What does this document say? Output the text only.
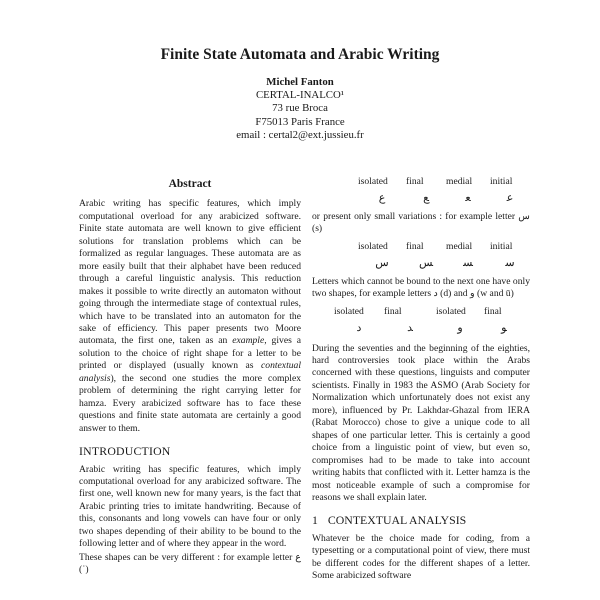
Finite State Automata and Arabic Writing
Michel Fanton
CERTAL-INALCO¹
73 rue Broca
F75013 Paris France
email : certal2@ext.jussieu.fr
Abstract

Arabic writing has specific features, which imply computational overload for any arabicized software. Finite state automata are well known to give efficient solutions for translation problems which can be formalized as regular languages. These automata are as more easily built that their alphabet have been reduced through a careful linguistic analysis. This reduction makes it possible to write directly an automaton without going through the intermediate stage of contextual rules, which have to be translated into an automaton for the sake of efficiency. This paper presents two Moore automata, the first one, taken as an example, gives a solution to the choice of right shape for a letter to be printed or displayed (usually known as contextual analysis), the second one studies the more complex problem of determining the right carrying letter for hamza. Every arabicized software has to face these questions and finite state automata are certainly a good answer to them.

INTRODUCTION

Arabic writing has specific features, which imply computational overload for any arabicized software. The first one, well known new for many years, is the fact that Arabic printing tries to imitate handwriting. Because of this, consonants and long vowels can have four or only two shapes depending of their ability to be bound to the following letter and of where they appear in the word.

These shapes can be very different : for example letter ع (ʿ)

isolated	final	medial	initial
ﻉ	ﻊ	ﻌ	ﻋ

or present only small variations : for example letter س (s)

isolated	final	medial	initial
ﺱ	ﺲ	ﺴ	ﺳ

Letters which cannot be bound to the next one have only two shapes, for example letters د (d) and و (w and ū)

isolated	final	isolated	final
ﺩ	ﺪ	ﻭ	ﻮ

During the seventies and the beginning of the eighties, hard controversies took place within the Arabs concerned with these questions, linguists and computer scientists. Finally in 1983 the ASMO (Arab Society for Normalization which unfortunately does not exist any more), influenced by Pr. Lakhdar-Ghazal from IERA (Rabat Morocco) chose to give a unique code to all shapes of one particular letter. This is certainly a good choice from a linguistic point of view, but even so, compromises had to be made to take into account writing habits that conflicted with it. Letter hamza is the most noticeable example of such a compromise for reasons we shall explain later.

1 CONTEXTUAL ANALYSIS

Whatever be the choice made for coding, from a typesetting or a computational point of view, there must be different codes for the different shapes of a letter. Some arabicized software
